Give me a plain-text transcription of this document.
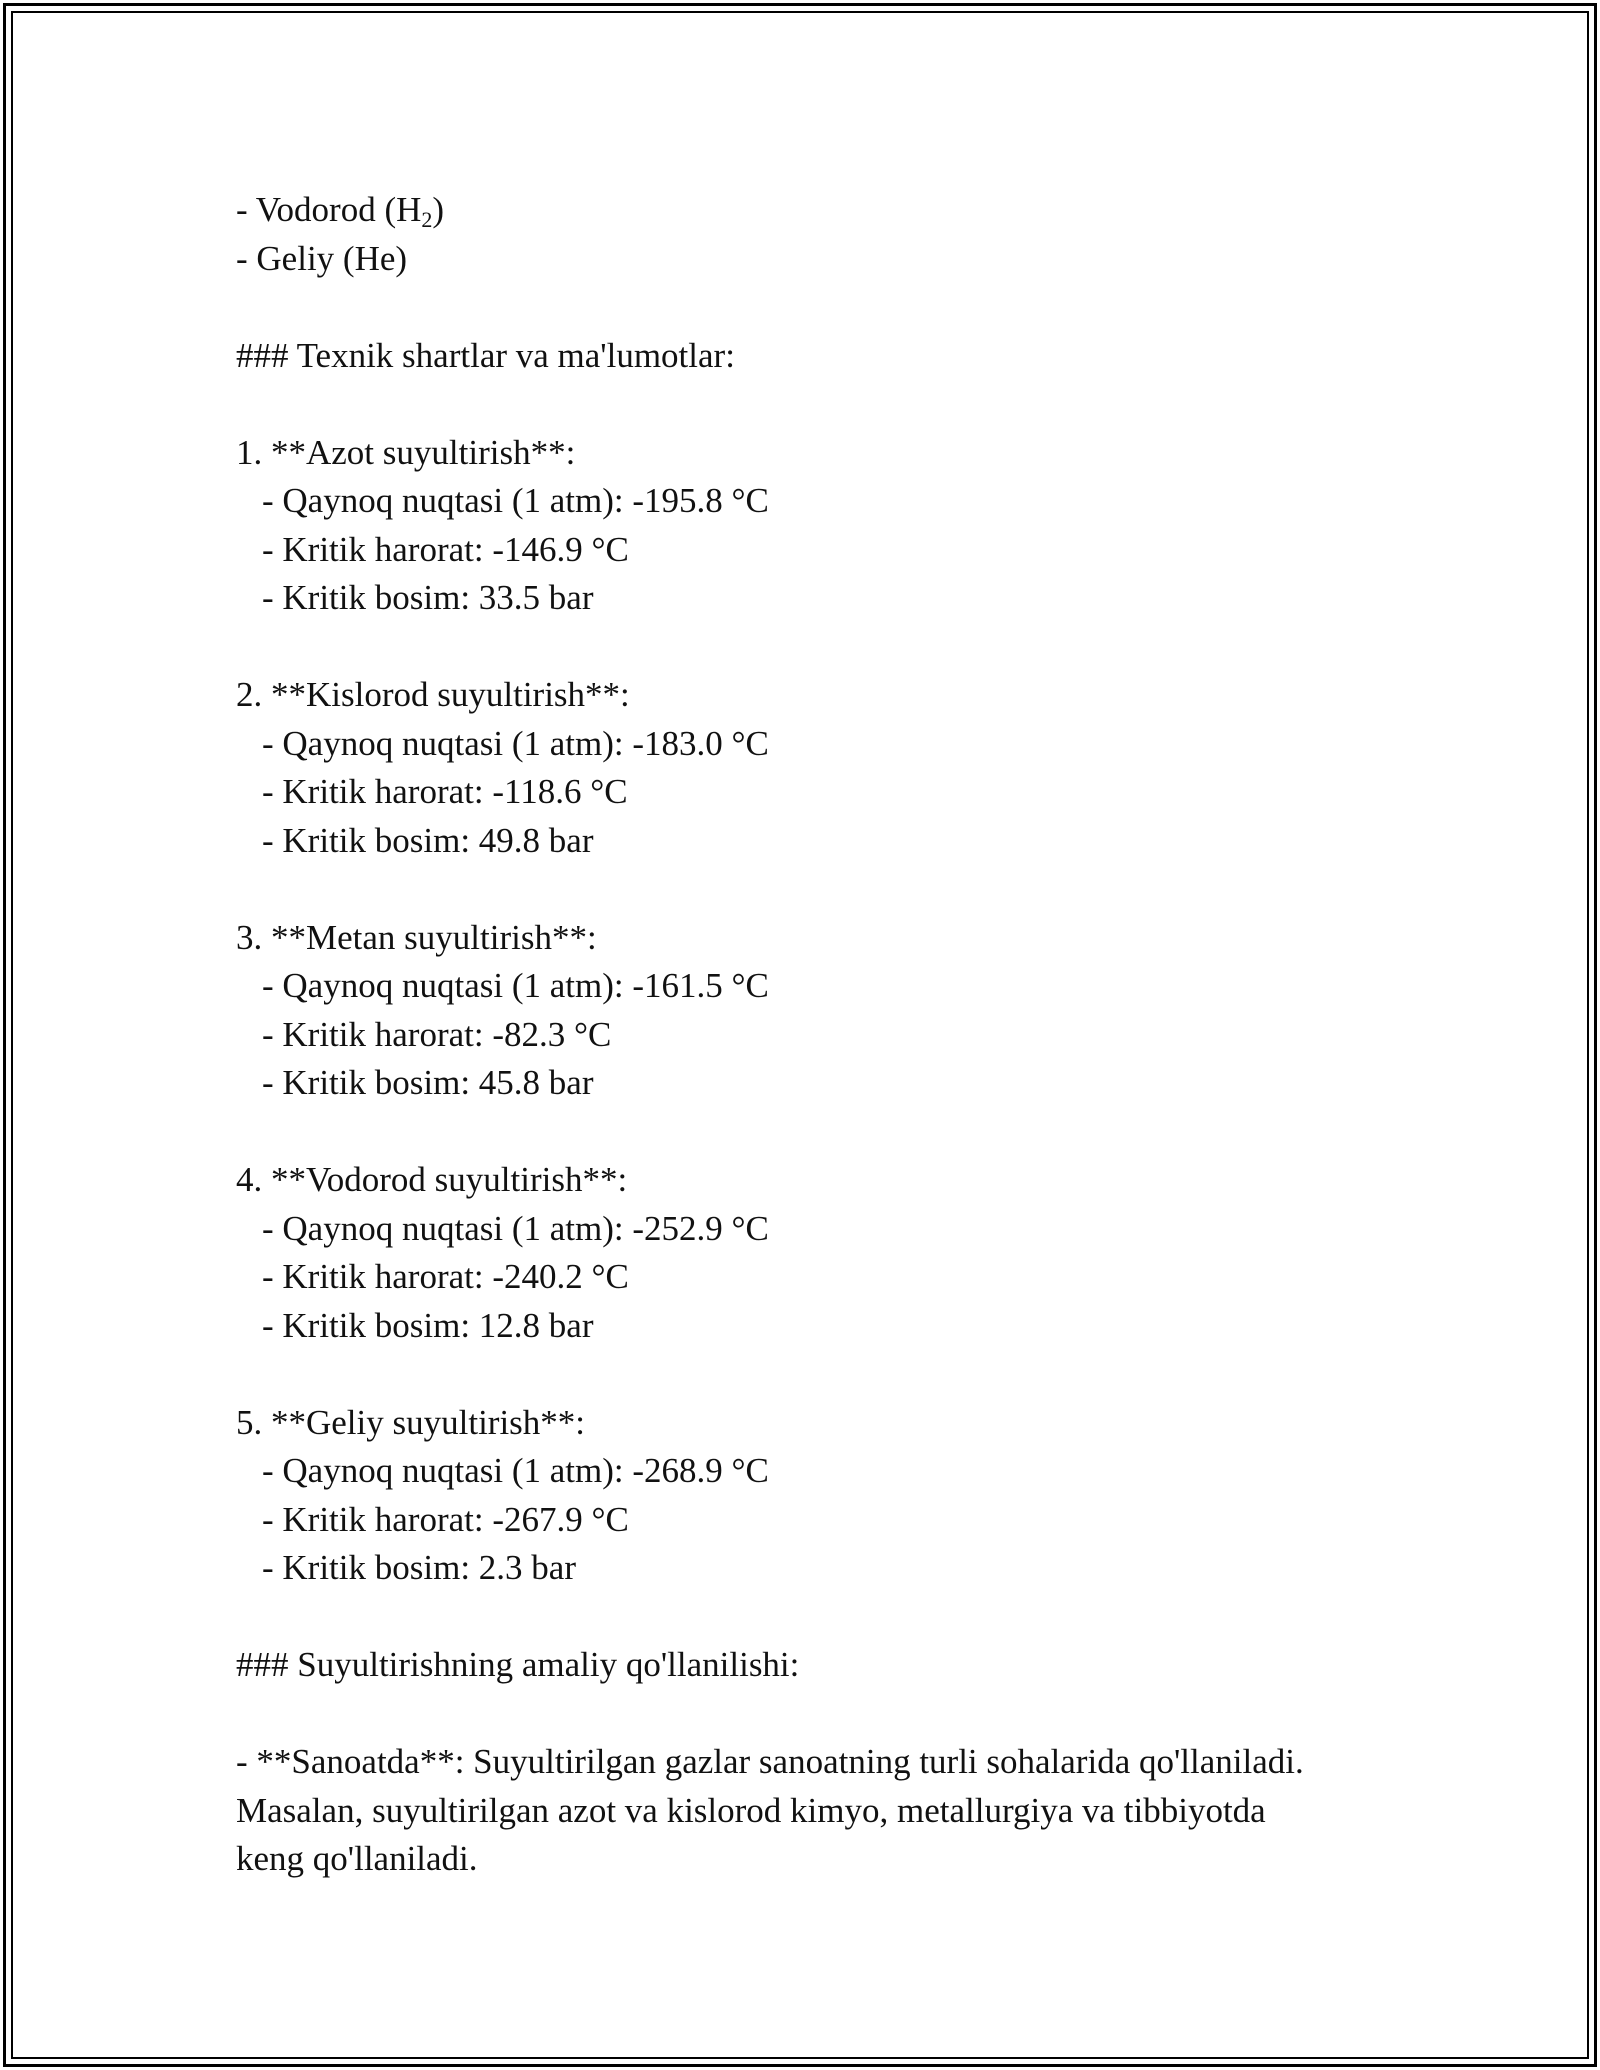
- Vodorod $(H_2)$
- Geliy (He)
### Texnik shartlar va ma'lumotlar:
1. **Azot suyultirish**:
- Qaynoq nuqtasi (1 atm): -195.8 °C
- Kritik harorat: -146.9 °C
- Kritik bosim: 33.5 bar
2. **Kislorod suyultirish**:
- Qaynoq nuqtasi (1 atm): -183.0 °C
- Kritik harorat: -118.6 °C
- Kritik bosim: 49.8 bar
3. **Metan suyultirish**:
- Qaynoq nuqtasi (1 atm): -161.5 °C
- Kritik harorat: -82.3 °C
- Kritik bosim: 45.8 bar
4. **Vodorod suyultirish**:
- Qaynoq nuqtasi (1 atm): -252.9 °C
- Kritik harorat: -240.2 °C
- Kritik bosim: 12.8 bar
5. **Geliy suyultirish**:
- Qaynoq nuqtasi (1 atm): -268.9 °C
- Kritik harorat: -267.9 °C
- Kritik bosim: 2.3 bar
### Suyultirishning amaliy qo'llanilishi:
- **Sanoatda**: Suyultirilgan gazlar sanoatning turli sohalarida qo'llaniladi.
Masalan, suyultirilgan azot va kislorod kimyo, metallurgiya va tibbiyotda
keng qo'llaniladi.
